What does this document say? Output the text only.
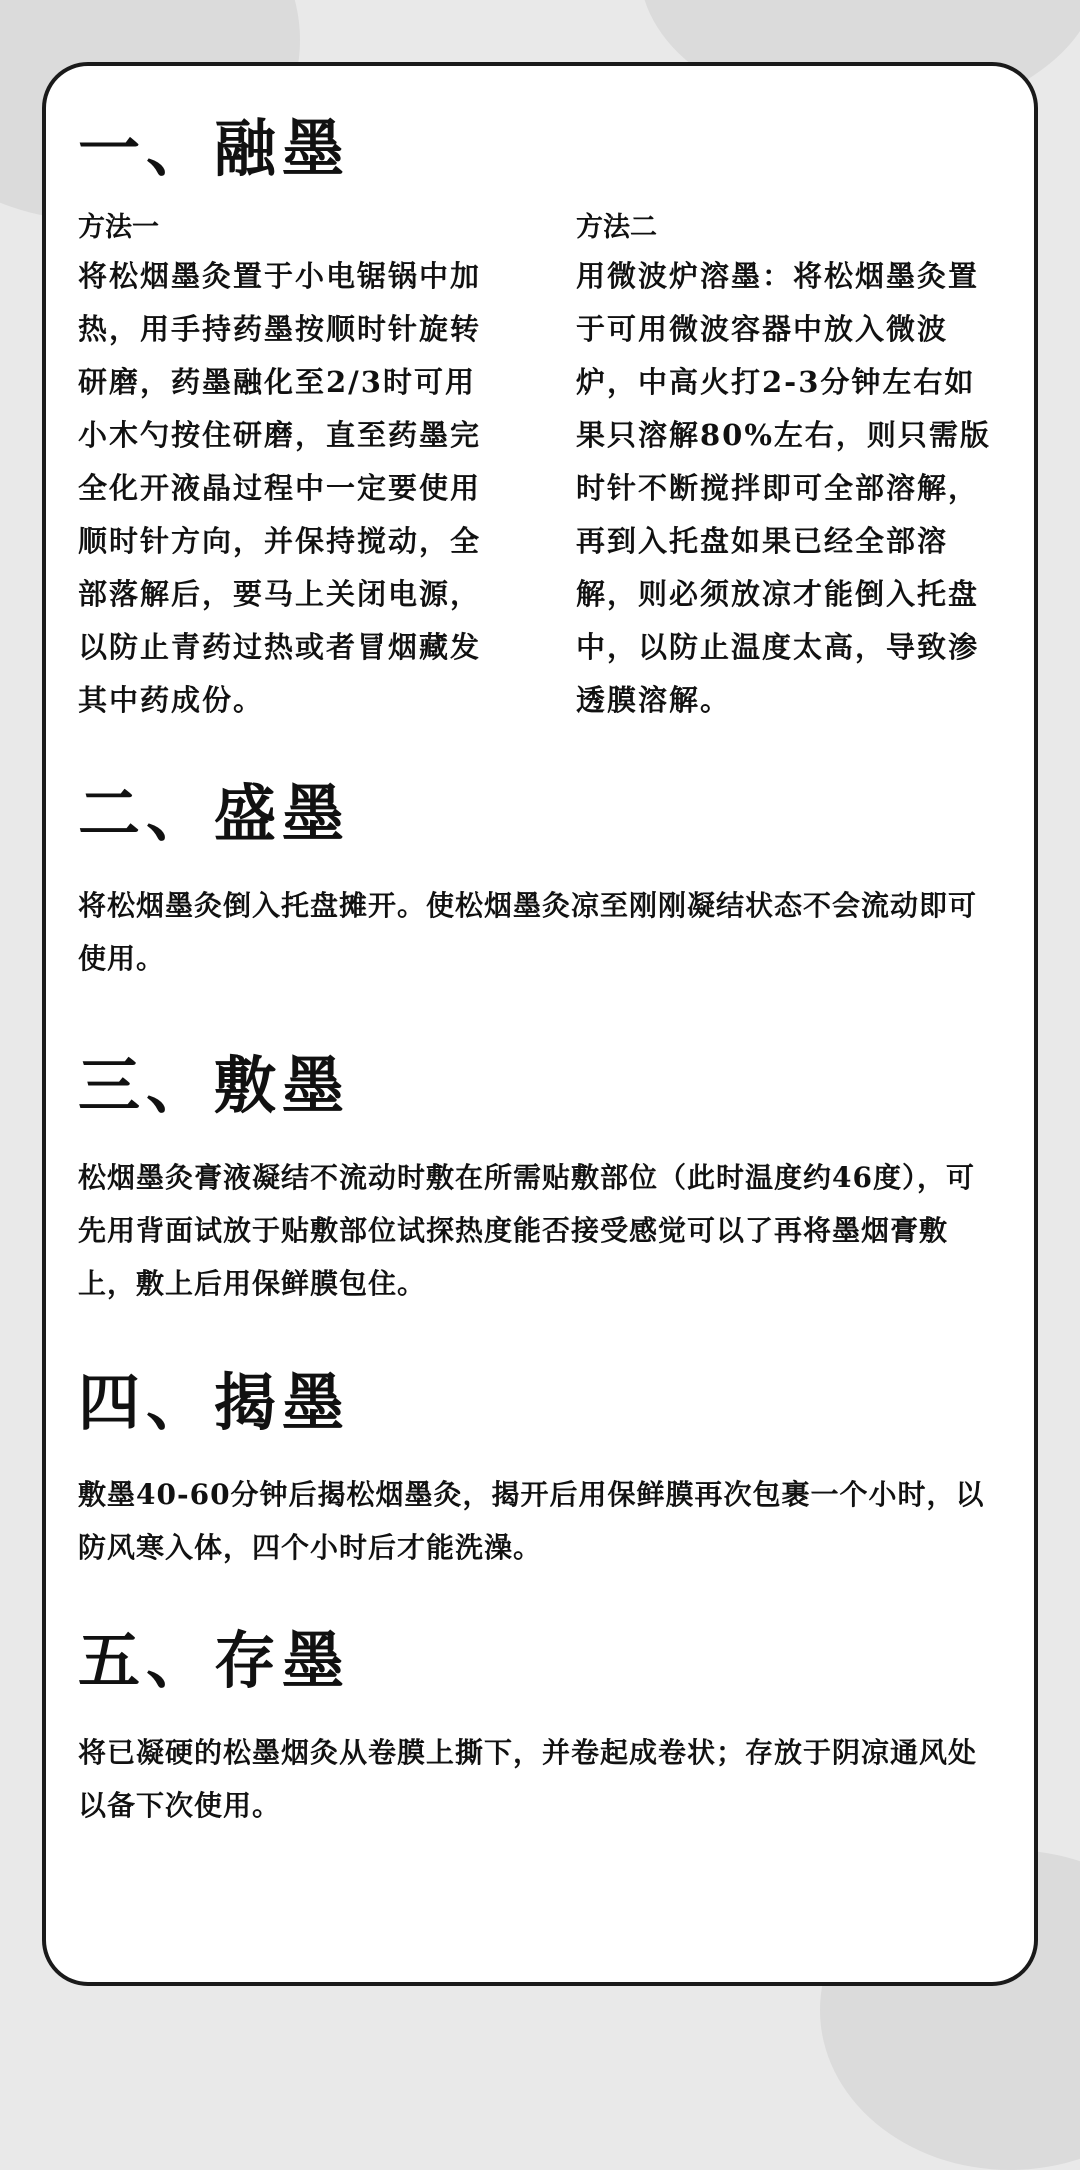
一、融墨
方法一
将松烟墨灸置于小电锯锅中加热，用手持药墨按顺时针旋转研磨，药墨融化至2/3时可用小木勺按住研磨，直至药墨完全化开液晶过程中一定要使用顺时针方向，并保持搅动，全部落解后，要马上关闭电源，以防止青药过热或者冒烟藏发其中药成份。
方法二
用微波炉溶墨：将松烟墨灸置于可用微波容器中放入微波炉，中高火打2-3分钟左右如果只溶解80%左右，则只需版时针不断搅拌即可全部溶解，再到入托盘如果已经全部溶解，则必须放凉才能倒入托盘中，以防止温度太高，导致渗透膜溶解。
二、盛墨

将松烟墨灸倒入托盘摊开。使松烟墨灸凉至刚刚凝结状态不会流动即可使用。

三、敷墨

松烟墨灸膏液凝结不流动时敷在所需贴敷部位（此时温度约46度），可先用背面试放于贴敷部位试探热度能否接受感觉可以了再将墨烟膏敷上，敷上后用保鲜膜包住。

四、揭墨

敷墨40-60分钟后揭松烟墨灸，揭开后用保鲜膜再次包裹一个小时，以防风寒入体，四个小时后才能洗澡。

五、存墨

将已凝硬的松墨烟灸从卷膜上撕下，并卷起成卷状；存放于阴凉通风处以备下次使用。
